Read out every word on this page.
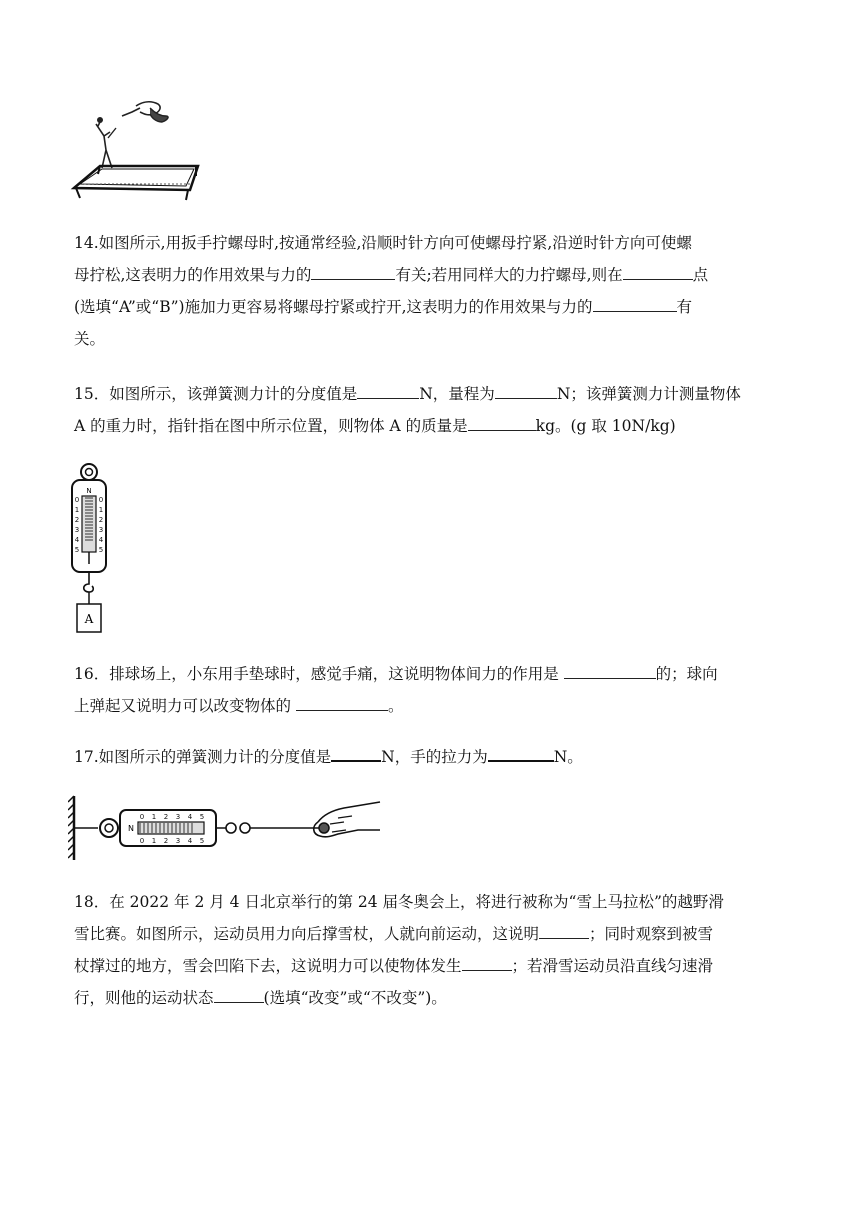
14.如图所示,用扳手拧螺母时,按通常经验,沿顺时针方向可使螺母拧紧,沿逆时针方向可使螺
母拧松,这表明力的作用效果与力的	有关;若用同样大的力拧螺母,则在	点
(选填“A”或“B”)施加力更容易将螺母拧紧或拧开,这表明力的作用效果与力的	有
关。
15．如图所示，该弹簧测力计的分度值是	N，量程为	N；该弹簧测力计测量物体
A 的重力时，指针指在图中所示位置，则物体 A 的质量是	kg。(g 取 10N/kg)
N
0
1
2
3
4
5
0
1
2
3
4
5
A
16．排球场上，小东用手垫球时，感觉手痛，这说明物体间力的作用是	的；球向
上弹起又说明力可以改变物体的	。
17.如图所示的弹簧测力计的分度值是	N，手的拉力为	N。
N
0 1 2 3 4 5
0 1 2 3 4 5
18．在 2022 年 2 月 4 日北京举行的第 24 届冬奥会上，将进行被称为“雪上马拉松”的越野滑
雪比赛。如图所示，运动员用力向后撑雪杖，人就向前运动，这说明	；同时观察到被雪
杖撑过的地方，雪会凹陷下去，这说明力可以使物体发生	；若滑雪运动员沿直线匀速滑
行，则他的运动状态	(选填“改变”或“不改变”)。
